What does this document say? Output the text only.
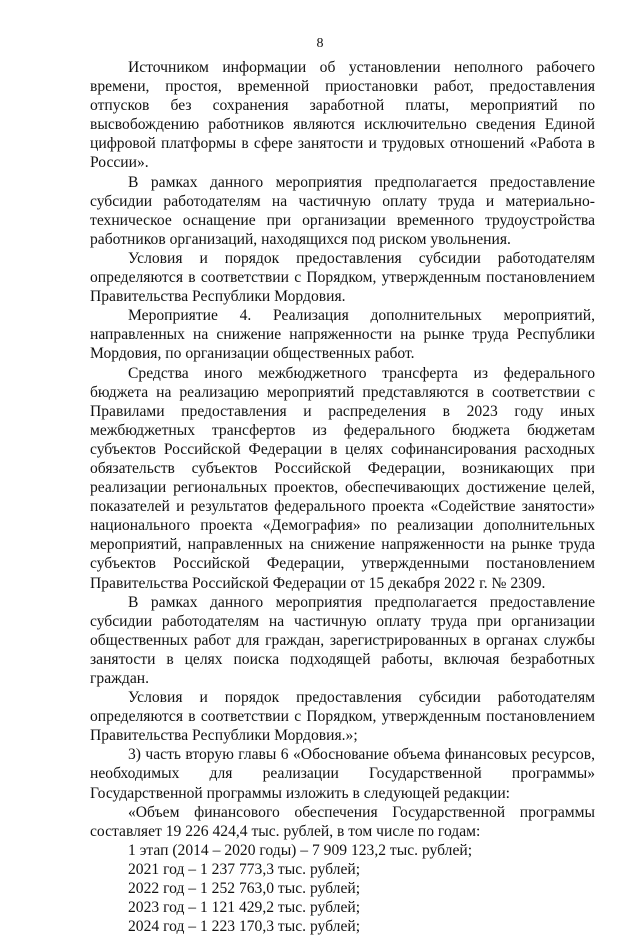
8

Источником информации об установлении неполного рабочего времени, простоя, временной приостановки работ, предоставления отпусков без сохранения заработной платы, мероприятий по высвобождению работников являются исключительно сведения Единой цифровой платформы в сфере занятости и трудовых отношений «Работа в России».

В рамках данного мероприятия предполагается предоставление субсидии работодателям на частичную оплату труда и материально-техническое оснащение при организации временного трудоустройства работников организаций, находящихся под риском увольнения.

Условия и порядок предоставления субсидии работодателям определяются в соответствии с Порядком, утвержденным постановлением Правительства Республики Мордовия.

Мероприятие 4. Реализация дополнительных мероприятий, направленных на снижение напряженности на рынке труда Республики Мордовия, по организации общественных работ.

Средства иного межбюджетного трансферта из федерального бюджета на реализацию мероприятий представляются в соответствии с Правилами предоставления и распределения в 2023 году иных межбюджетных трансфертов из федерального бюджета бюджетам субъектов Российской Федерации в целях софинансирования расходных обязательств субъектов Российской Федерации, возникающих при реализации региональных проектов, обеспечивающих достижение целей, показателей и результатов федерального проекта «Содействие занятости» национального проекта «Демография» по реализации дополнительных мероприятий, направленных на снижение напряженности на рынке труда субъектов Российской Федерации, утвержденными постановлением Правительства Российской Федерации от 15 декабря 2022 г. № 2309.

В рамках данного мероприятия предполагается предоставление субсидии работодателям на частичную оплату труда при организации общественных работ для граждан, зарегистрированных в органах службы занятости в целях поиска подходящей работы, включая безработных граждан.

Условия и порядок предоставления субсидии работодателям определяются в соответствии с Порядком, утвержденным постановлением Правительства Республики Мордовия.»;

3) часть вторую главы 6 «Обоснование объема финансовых ресурсов, необходимых для реализации Государственной программы» Государственной программы изложить в следующей редакции:

«Объем финансового обеспечения Государственной программы составляет 19 226 424,4 тыс. рублей, в том числе по годам:

1 этап (2014 – 2020 годы) – 7 909 123,2 тыс. рублей;

2021 год – 1 237 773,3 тыс. рублей;

2022 год – 1 252 763,0 тыс. рублей;

2023 год – 1 121 429,2 тыс. рублей;

2024 год – 1 223 170,3 тыс. рублей;
